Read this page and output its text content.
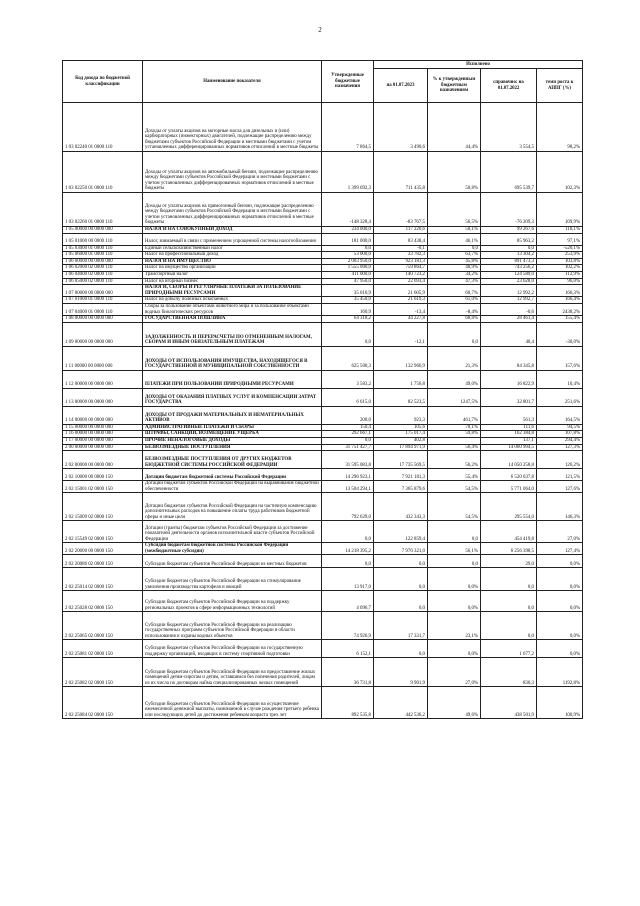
2
Код дохода по бюджетной классификации	Наименование показателя	Утвержденные бюджетные назначения	Исполнено			
			на 01.07.2023	% к утвержденным бюджетным назначениям	справочно: на 01.07.2022	темп роста к АППГ (%)
1 03 02240 01 0000 110	Доходы от уплаты акцизов на моторные масла для дизельных и (или) карбюраторных (инжекторных) двигателей, подлежащие распределению между бюджетами субъектов Российской Федерации и местными бюджетами с учетом установленных дифференцированных нормативов отчислений в местные бюджеты	7 864,5	3 490,6	44,4%	3 554,5	98,2%
1 03 02250 01 0000 110	Доходы от уплаты акцизов на автомобильный бензин, подлежащие распределению между бюджетами субъектов Российской Федерации и местными бюджетами с учетом установленных дифференцированных нормативов отчислений в местные бюджеты	1 399 692,3	711 435,8	50,8%	695 539,7	102,3%
1 03 02260 01 0000 110	Доходы от уплаты акцизов на прямогонный бензин, подлежащие распределению между бюджетами субъектов Российской Федерации и местными бюджетами с учетом установленных дифференцированных нормативов отчислений в местные бюджеты	-148 328,4	-83 767,5	56,5%	-76 209,3	109,9%
1 05 00000 00 0000 000	НАЛОГИ НА СОВОКУПНЫЙ ДОХОД	234 000,0	117 220,6	50,1%	99 267,6	118,1%
1 05 01000 00 0000 110	Налог, взимаемый в связи с применением упрощенной системы налогообложения	181 000,0	83 438,4	46,1%	85 963,2	97,1%
1 05 03000 01 0000 110	Единый сельскохозяйственный налог	0,0	-0,1	0,0	0,0	-520,1%
1 05 06000 01 0000 110	Налог на профессиональный доход	53 000,0	33 782,3	63,7%	13 304,2	253,9%
1 06 00000 00 0000 000	НАЛОГИ НА ИМУЩЕСТВО	2 003 950,0	923 181,3	45,8%	891 473,3	103,8%
1 06 02000 02 0000 110	Налог на имущество организаций	1 555 000,0	759 864,7	48,9%	743 256,2	102,2%
1 06 04000 02 0000 110	Транспортный налог	411 000,0	140 723,2	34,2%	124 589,0	112,9%
1 06 05000 02 0000 110	Налог на игорный бизнес	47 950,0	22 693,4	47,3%	23 628,0	96,0%
1 07 00000 00 0000 000	НАЛОГИ, СБОРЫ И РЕГУЛЯРНЫЕ ПЛАТЕЖИ ЗА ПОЛЬЗОВАНИЕ ПРИРОДНЫМИ РЕСУРСАМИ	35 610,9	21 605,9	60,7%	12 992,2	166,3%
1 07 01000 01 0000 110	Налог на добычу полезных ископаемых	35 450,0	21 619,3	61,0%	12 992,7	166,4%
1 07 04000 01 0000 110	Сборы за пользование объектами животного мира и за пользование объектами водных биологических ресурсов	160,9	-13,4	-8,4%	-0,6	2438,2%
1 08 00000 00 0000 000	ГОСУДАРСТВЕННАЯ ПОШЛИНА	64 318,2	44 227,8	68,8%	28 461,4	155,4%
1 09 00000 00 0000 000	ЗАДОЛЖЕННОСТЬ И ПЕРЕРАСЧЕТЫ ПО ОТМЕНЕННЫМ НАЛОГАМ, СБОРАМ И ИНЫМ ОБЯЗАТЕЛЬНЫМ ПЛАТЕЖАМ	0,0	-12,1	0,0	40,4	-30,0%
1 11 00000 00 0000 000	ДОХОДЫ ОТ ИСПОЛЬЗОВАНИЯ ИМУЩЕСТВА, НАХОДЯЩЕГОСЯ В ГОСУДАРСТВЕННОЙ И МУНИЦИПАЛЬНОЙ СОБСТВЕННОСТИ	625 500,3	132 966,9	21,3%	84 345,8	157,6%
1 12 00000 00 0000 000	ПЛАТЕЖИ ПРИ ПОЛЬЗОВАНИИ ПРИРОДНЫМИ РЕСУРСАМИ	3 583,2	1 756,8	49,0%	16 822,9	10,4%
1 13 00000 00 0000 000	ДОХОДЫ ОТ ОКАЗАНИЯ ПЛАТНЫХ УСЛУГ И КОМПЕНСАЦИИ ЗАТРАТ ГОСУДАРСТВА	6 615,0	82 523,5	1247,5%	32 801,7	251,6%
1 14 00000 00 0000 000	ДОХОДЫ ОТ ПРОДАЖИ МАТЕРИАЛЬНЫХ И НЕМАТЕРИАЛЬНЫХ АКТИВОВ	200,0	923,3	461,7%	561,3	164,5%
1 15 00000 00 0000 000	АДМИНИСТРАТИВНЫЕ ПЛАТЕЖИ И СБОРЫ	150,4	105,6	70,1%	111,6	94,5%
1 16 00000 00 0000 000	ШТРАФЫ, САНКЦИИ, ВОЗМЕЩЕНИЕ УЩЕРБА	292 667,1	175 017,4	59,8%	162 384,8	107,8%
1 17 00000 00 0000 000	ПРОЧИЕ НЕНАЛОГОВЫЕ ДОХОДЫ	0,0	402,8		137,1	294,4%
2 00 00000 00 0000 000	БЕЗВОЗМЕЗДНЫЕ ПОСТУПЛЕНИЯ	31 751 427,7	17 894 971,9	56,4%	14 060 994,5	127,3%
2 02 00000 00 0000 000	БЕЗВОЗМЕЗДНЫЕ ПОСТУПЛЕНИЯ ОТ ДРУГИХ БЮДЖЕТОВ БЮДЖЕТНОЙ СИСТЕМЫ РОССИЙСКОЙ ФЕДЕРАЦИИ	31 595 083,8	17 735 569,5	56,2%	14 050 258,8	126,2%
2 02 10000 00 0000 150	Дотации бюджетам бюджетной системы Российской Федерации	14 296 923,1	7 921 181,3	55,4%	6 520 037,8	121,5%
2 02 15001 02 0000 150	Дотации бюджетам субъектов Российской Федерации на выравнивание бюджетной обеспеченности	13 504 294,1	7 365 879,6	54,5%	5 771 064,0	127,6%
2 02 15009 02 0000 150	Дотации бюджетам субъектов Российской Федерации на частичную компенсацию дополнительных расходов на повышение оплаты труда работников бюджетной сферы и иные цели	792 629,0	432 343,3	54,5%	295 554,0	146,3%
2 02 15549 02 0000 150	Дотации (гранты) бюджетам субъектов Российской Федерации за достижение показателей деятельности органов исполнительной власти субъектов Российской Федерации	0,0	122 859,4	0,0	454 419,8	27,0%
2 02 20000 00 0000 150	Субсидии бюджетам бюджетной системы Российской Федерации (межбюджетные субсидии)	14 218 395,2	7 970 321,0	56,1%	6 256 398,5	127,4%
2 02 20086 02 0000 150	Субсидии бюджетам субъектов Российской Федерации из местных бюджетов	0,0	0,0	0,0	29,0	0,0%
2 02 25014 02 0000 150	Субсидии бюджетам субъектов Российской Федерации на стимулирование увеличения производства картофеля и овощей	13 917,0	0,0	0,0%	0,0	0,0%
2 02 25028 02 0000 150	Субсидии бюджетам субъектов Российской Федерации на поддержку региональных проектов в сфере информационных технологий	4 096,7	0,0	0,0%	0,0	0,0%
2 02 25065 02 0000 150	Субсидии бюджетам субъектов Российской Федерации на реализацию государственных программ субъектов Российской Федерации в области использования и охраны водных объектов	74 926,9	17 331,7	23,1%	0,0	0,0%
2 02 25081 02 0000 150	Субсидии бюджетам субъектов Российской Федерации на государственную поддержку организаций, входящих в систему спортивной подготовки	6 152,1	0,0	0,0%	1 677,2	0,0%
2 02 25082 02 0000 150	Субсидии бюджетам субъектов Российской Федерации на предоставление жилых помещений детям-сиротам и детям, оставшимся без попечения родителей, лицам из их числа по договорам найма специализированных жилых помещений	36 731,8	9 901,9	27,0%	830,3	1192,8%
2 02 25084 02 0000 150	Субсидии бюджетам субъектов Российской Федерации на осуществление ежемесячной денежной выплаты, назначаемой в случае рождения третьего ребенка или последующих детей до достижения ребенком возраста трех лет	892 535,8	442 536,2	49,6%	438 501,9	100,9%
